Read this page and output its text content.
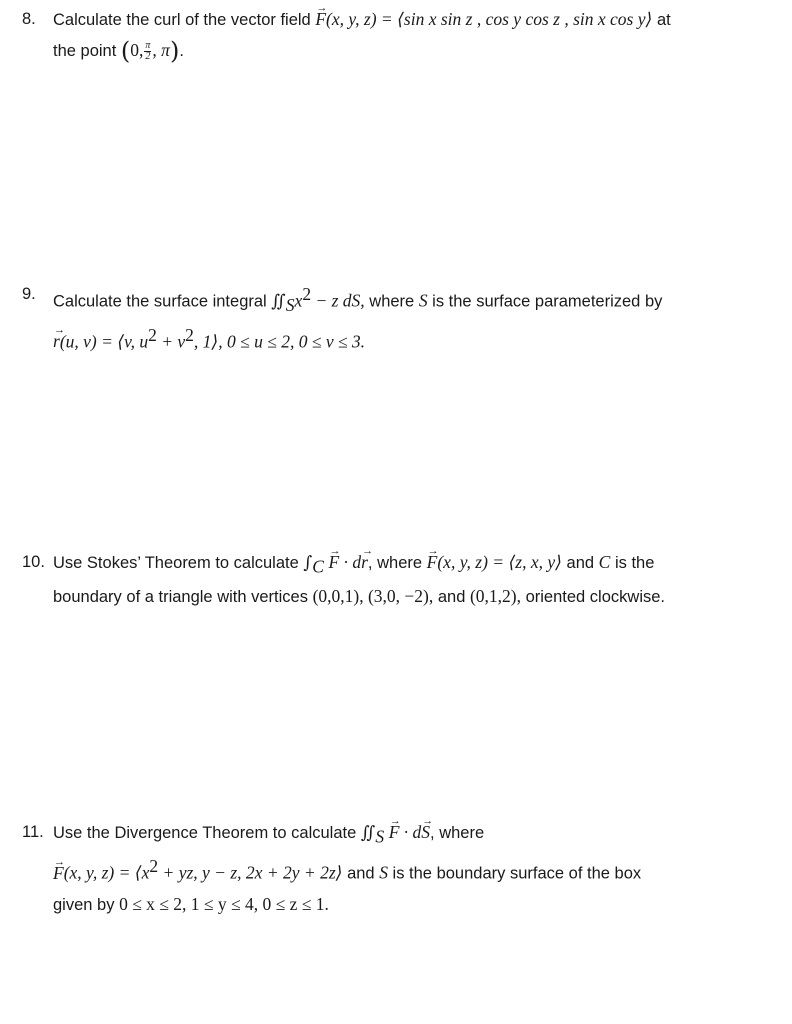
8.	Calculate the curl of the vector field → F(x, y, z) = ⟨sin x sin z , cos y cos z , sin x cos y⟩ at
the point (0, $\frac{\pi}{2}$ , π).
9.	Calculate the surface integral $∬_Sx^2 - z$ dS, where S is the surface parameterized by
→ r(u, v) = ⟨v, $u^2 + v^2$, 1⟩, 0 ≤ u ≤ 2, 0 ≤ v ≤ 3.
10. Use Stokes’ Theorem to calculate $\int_C \to F \cdot d\to r$, where → F(x, y, z) = ⟨z, x, y⟩ and C is the
boundary of a triangle with vertices (0,0,1), (3,0, −2), and (0,1,2), oriented clockwise.
11. Use the Divergence Theorem to calculate $∬_S \to F \cdot d\to S$, where
→ F(x, y, $z) = ⟨x^2$ + yz, y − z, 2x + 2y + 2z⟩ and S is the boundary surface of the box
given by 0 ≤ x ≤ 2, 1 ≤ y ≤ 4, 0 ≤ z ≤ 1.
